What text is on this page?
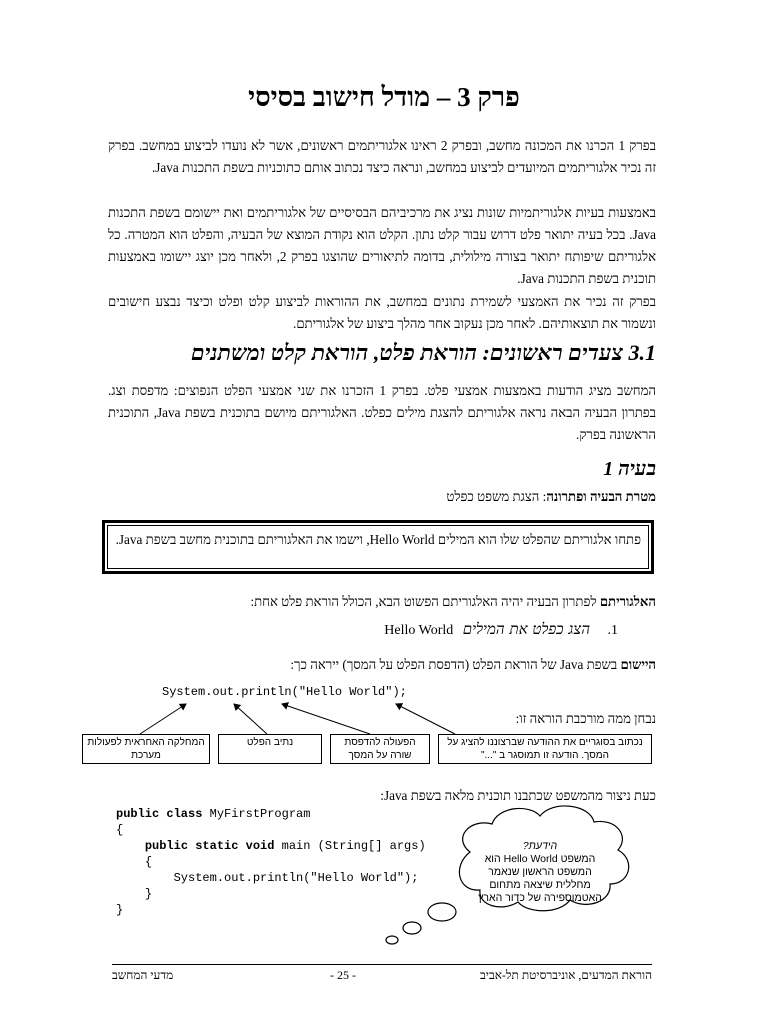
פרק 3 – מודל חישוב בסיסי
בפרק 1 הכרנו את המכונה מחשב, ובפרק 2 ראינו אלגוריתמים ראשונים, אשר לא נועדו לביצוע במחשב. בפרק זה נכיר אלגוריתמים המיועדים לביצוע במחשב, ונראה כיצד נכתוב אותם כתוכניות בשפת התכנות Java.
באמצעות בעיות אלגוריתמיות שונות נציג את מרכיביהם הבסיסיים של אלגוריתמים ואת יישומם בשפת התכנות Java. בכל בעיה יתואר פלט דרוש עבור קלט נתון. הקלט הוא נקודת המוצא של הבעיה, והפלט הוא המטרה. כל אלגוריתם שיפותח יתואר בצורה מילולית, בדומה לתיאורים שהוצגו בפרק 2, ולאחר מכן יוצג יישומו באמצעות תוכנית בשפת התכנות Java.
בפרק זה נכיר את האמצעי לשמירת נתונים במחשב, את ההוראות לביצוע קלט ופלט וכיצד נבצע חישובים ונשמור את תוצאותיהם. לאחר מכן נעקוב אחר מהלך ביצוע של אלגוריתם.
3.1 צעדים ראשונים: הוראת פלט, הוראת קלט ומשתנים
המחשב מציג הודעות באמצעות אמצעי פלט. בפרק 1 הזכרנו את שני אמצעי הפלט הנפוצים: מדפסת וצג. בפתרון הבעיה הבאה נראה אלגוריתם להצגת מילים כפלט. האלגוריתם מיושם בתוכנית בשפת Java, התוכנית הראשונה בפרק.
בעיה 1
מטרת הבעיה ופתרונה: הצגת משפט כפלט
פתחו אלגוריתם שהפלט שלו הוא המילים Hello World, וישמו את האלגוריתם בתוכנית מחשב בשפת Java.
האלגוריתם לפתרון הבעיה יהיה האלגוריתם הפשוט הבא, הכולל הוראת פלט אחת:
1. הצג כפלט את המילים Hello World
היישום בשפת Java של הוראת הפלט (הדפסת הפלט על המסך) ייראה כך:
System.out.println("Hello World");
נבחן ממה מורכבת הוראה זו:
נכתוב בסוגריים את ההודעה שברצוננו להציג על המסך. הודעה זו תמוסגר ב "..."
הפעולה להדפסת שורה על המסך
נתיב הפלט
המחלקה האחראית לפעולות מערכת
כעת ניצור מהמשפט שכתבנו תוכנית מלאה בשפת Java:
public class MyFirstProgram
{
public static void main (String[] args)
{
System.out.println("Hello World");
}
}
הידעת?
המשפט Hello World הוא המשפט הראשון שנאמר מחללית שיצאה מתחום האטמוספירה של כדור הארץ
הוראת המדעים, אוניברסיטת תל-אביב
- 25 -
מדעי המחשב
